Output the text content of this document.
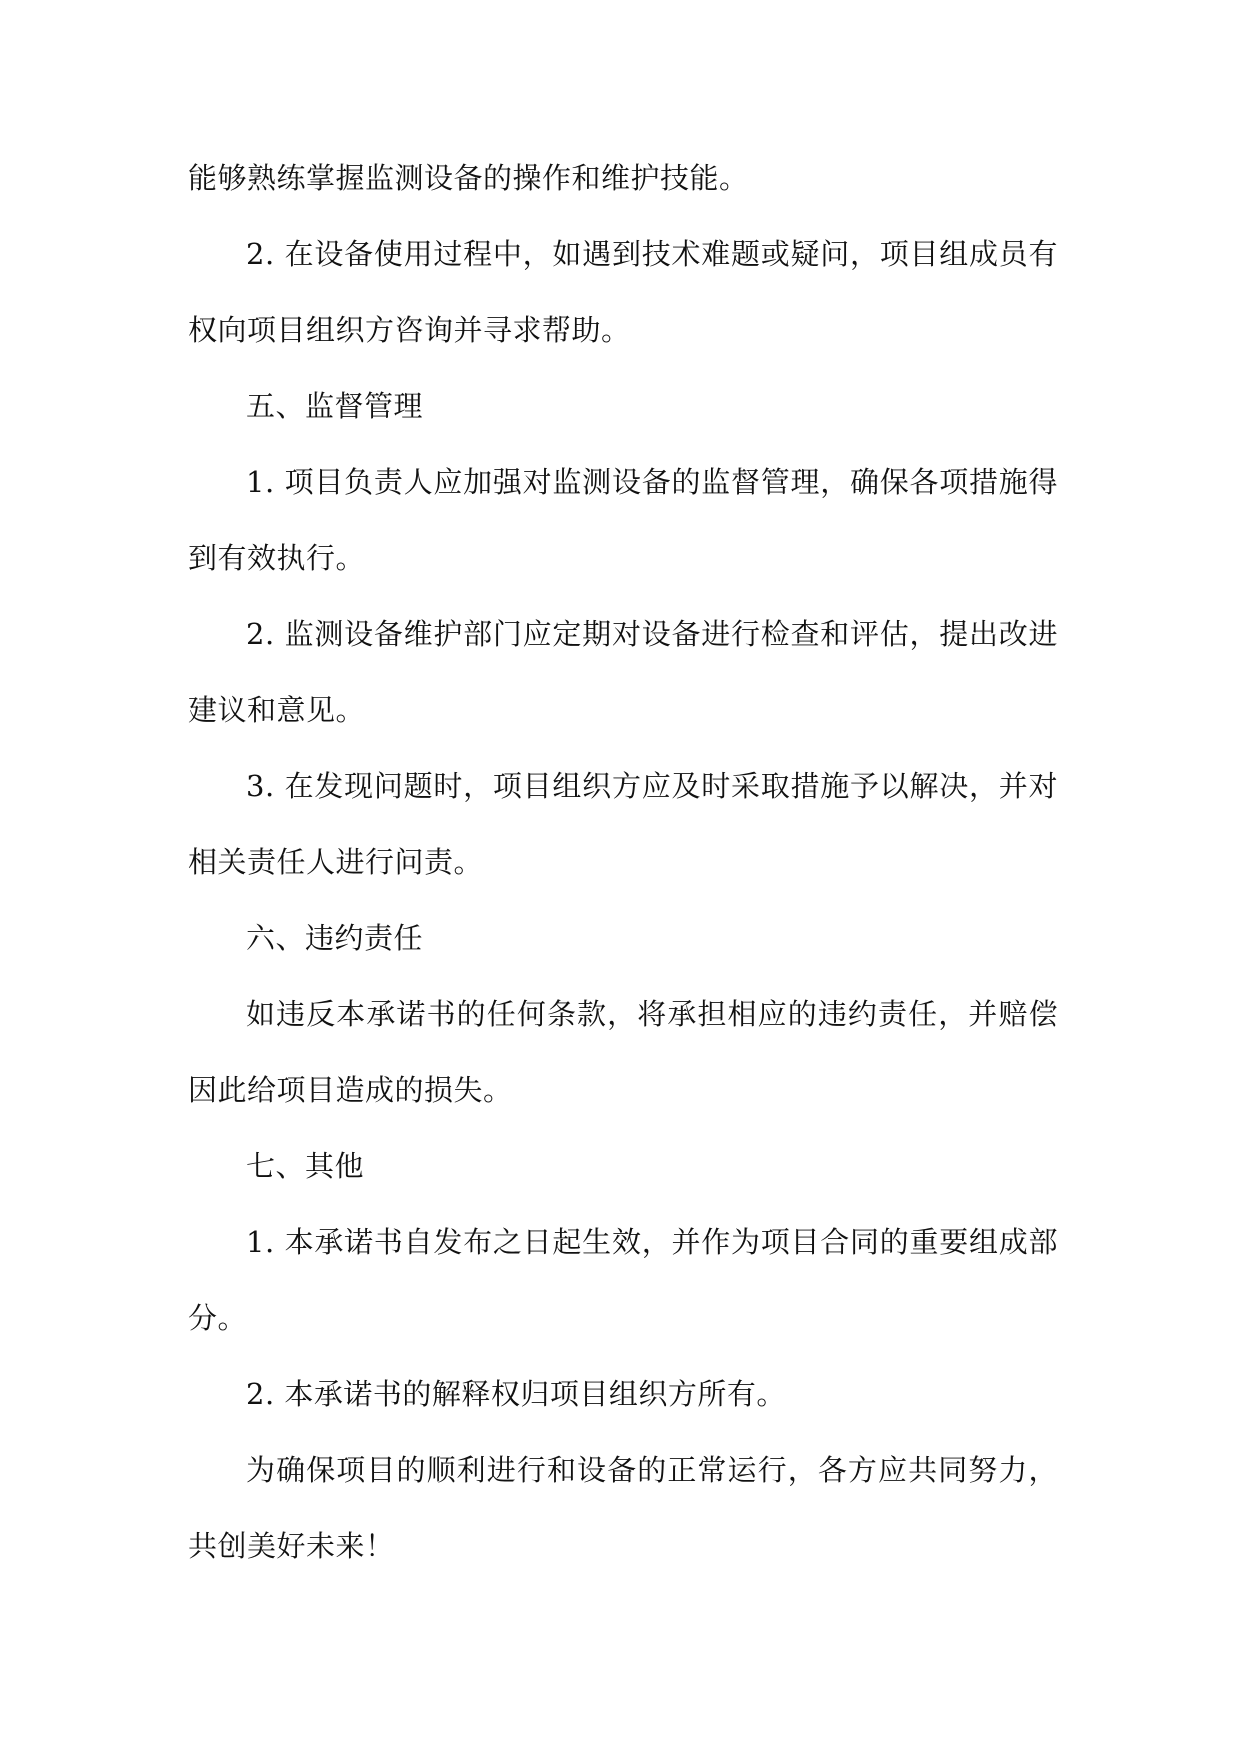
能够熟练掌握监测设备的操作和维护技能。

2. 在设备使用过程中，如遇到技术难题或疑问，项目组成员有权向项目组织方咨询并寻求帮助。

五、监督管理

1. 项目负责人应加强对监测设备的监督管理，确保各项措施得到有效执行。

2. 监测设备维护部门应定期对设备进行检查和评估，提出改进建议和意见。

3. 在发现问题时，项目组织方应及时采取措施予以解决，并对相关责任人进行问责。

六、违约责任

如违反本承诺书的任何条款，将承担相应的违约责任，并赔偿因此给项目造成的损失。

七、其他

1. 本承诺书自发布之日起生效，并作为项目合同的重要组成部分。

2. 本承诺书的解释权归项目组织方所有。

为确保项目的顺利进行和设备的正常运行，各方应共同努力，共创美好未来！
